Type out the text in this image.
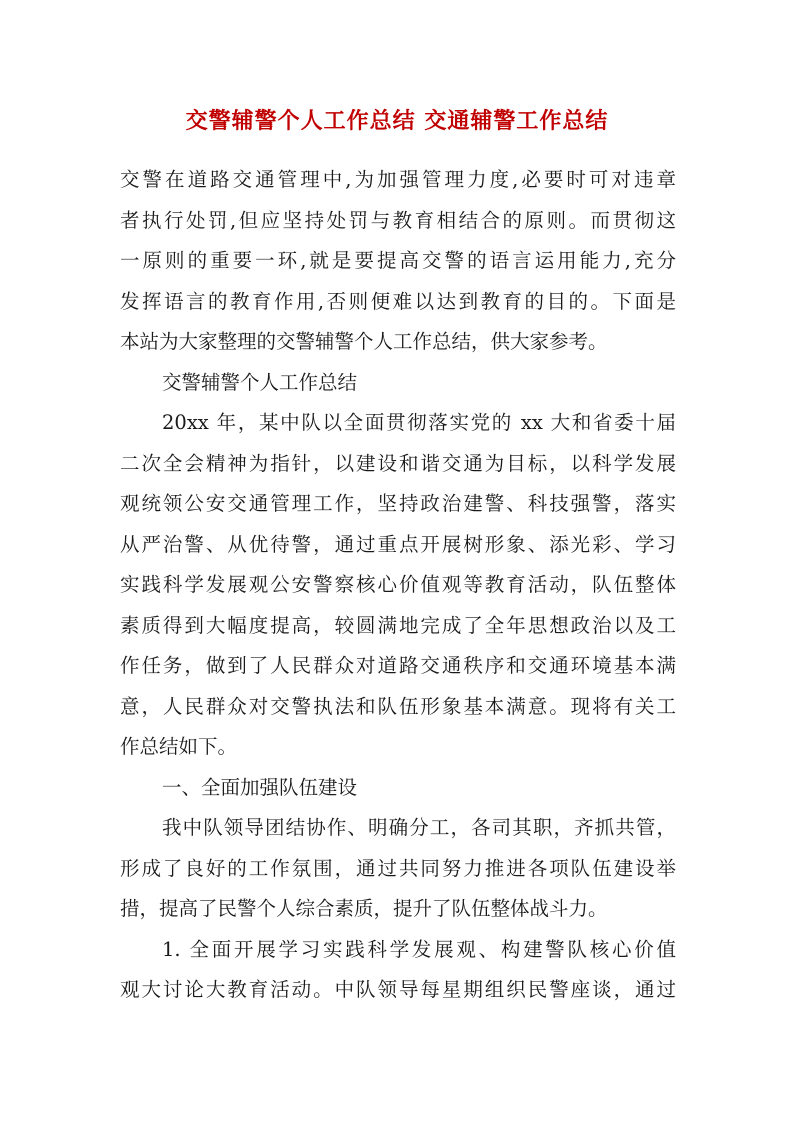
交警辅警个人工作总结 交通辅警工作总结
交警在道路交通管理中,为加强管理力度,必要时可对违章
者执行处罚,但应坚持处罚与教育相结合的原则。而贯彻这
一原则的重要一环,就是要提高交警的语言运用能力,充分
发挥语言的教育作用,否则便难以达到教育的目的。下面是
本站为大家整理的交警辅警个人工作总结，供大家参考。
交警辅警个人工作总结
20xx 年，某中队以全面贯彻落实党的 xx 大和省委十届
二次全会精神为指针，以建设和谐交通为目标，以科学发展
观统领公安交通管理工作，坚持政治建警、科技强警，落实
从严治警、从优待警，通过重点开展树形象、添光彩、学习
实践科学发展观公安警察核心价值观等教育活动，队伍整体
素质得到大幅度提高，较圆满地完成了全年思想政治以及工
作任务，做到了人民群众对道路交通秩序和交通环境基本满
意，人民群众对交警执法和队伍形象基本满意。现将有关工
作总结如下。
一、全面加强队伍建设
我中队领导团结协作、明确分工，各司其职，齐抓共管，
形成了良好的工作氛围，通过共同努力推进各项队伍建设举
措，提高了民警个人综合素质，提升了队伍整体战斗力。
1. 全面开展学习实践科学发展观、构建警队核心价值
观大讨论大教育活动。中队领导每星期组织民警座谈，通过
